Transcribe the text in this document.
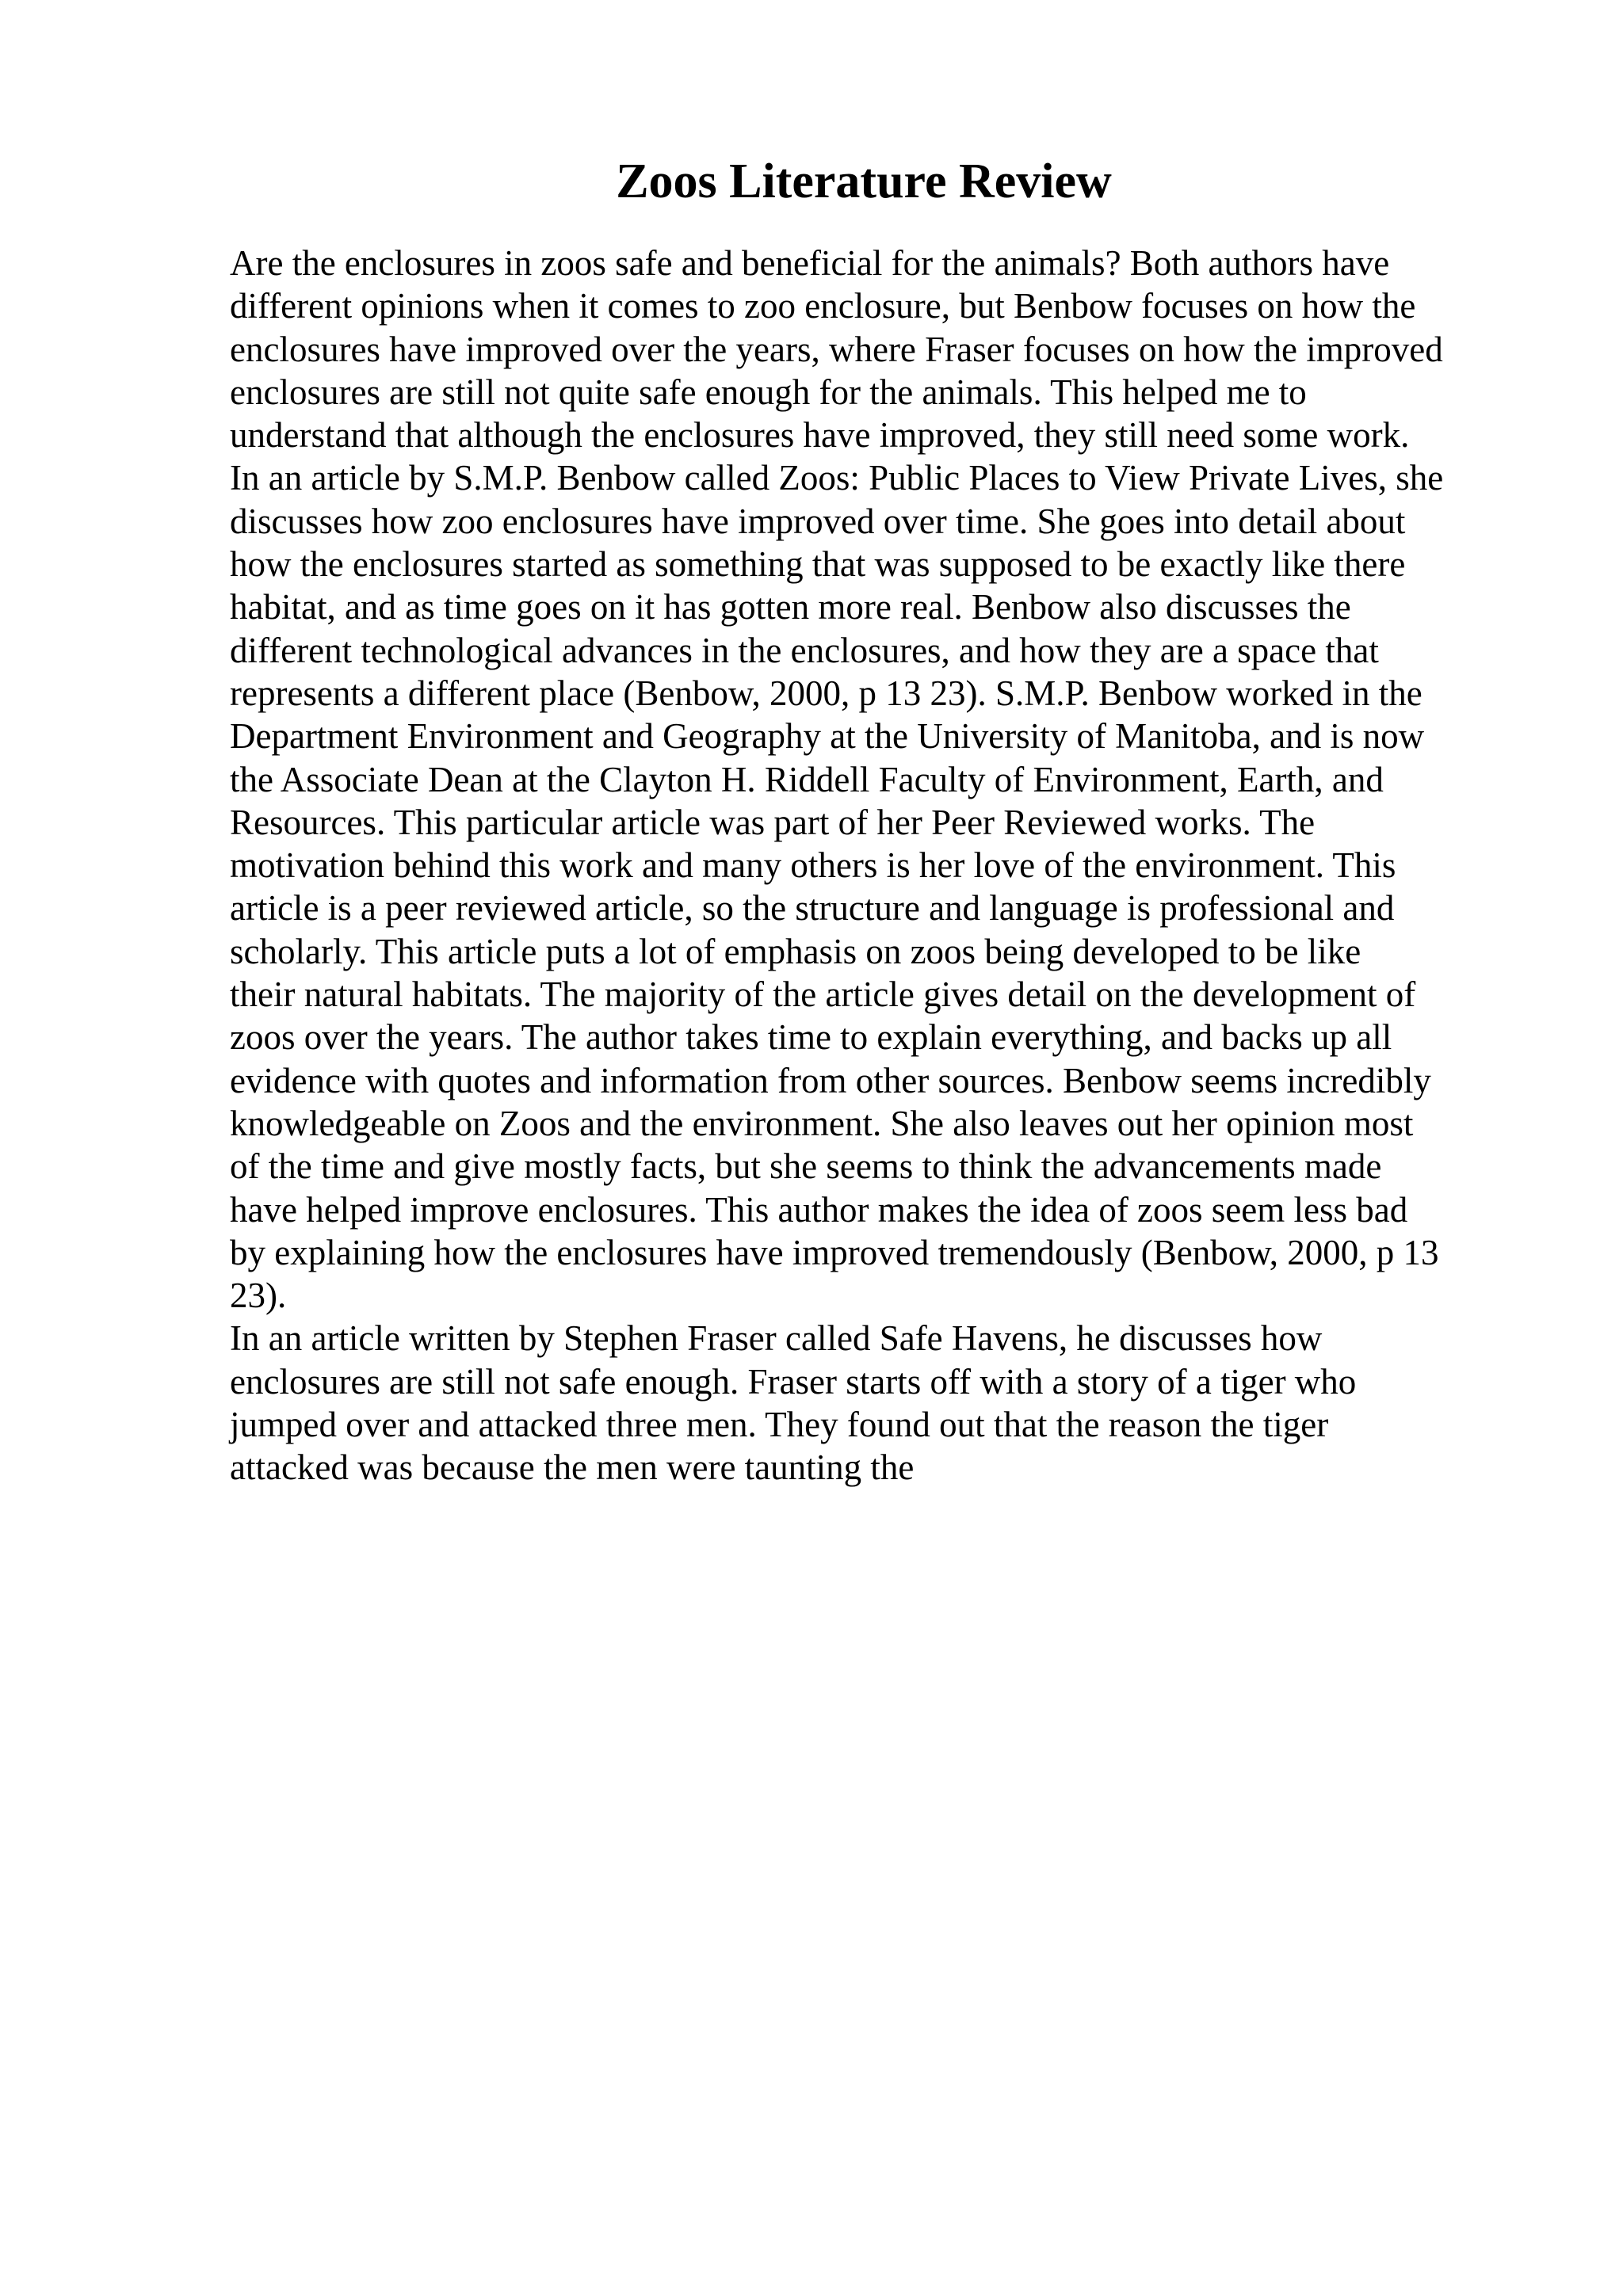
Zoos Literature Review
Are the enclosures in zoos safe and beneficial for the animals? Both authors have
different opinions when it comes to zoo enclosure, but Benbow focuses on how the
enclosures have improved over the years, where Fraser focuses on how the improved
enclosures are still not quite safe enough for the animals. This helped me to
understand that although the enclosures have improved, they still need some work.
In an article by S.M.P. Benbow called Zoos: Public Places to View Private Lives, she
discusses how zoo enclosures have improved over time. She goes into detail about
how the enclosures started as something that was supposed to be exactly like there
habitat, and as time goes on it has gotten more real. Benbow also discusses the
different technological advances in the enclosures, and how they are a space that
represents a different place (Benbow, 2000, p 13 23). S.M.P. Benbow worked in the
Department Environment and Geography at the University of Manitoba, and is now
the Associate Dean at the Clayton H. Riddell Faculty of Environment, Earth, and
Resources. This particular article was part of her Peer Reviewed works. The
motivation behind this work and many others is her love of the environment. This
article is a peer reviewed article, so the structure and language is professional and
scholarly. This article puts a lot of emphasis on zoos being developed to be like
their natural habitats. The majority of the article gives detail on the development of
zoos over the years. The author takes time to explain everything, and backs up all
evidence with quotes and information from other sources. Benbow seems incredibly
knowledgeable on Zoos and the environment. She also leaves out her opinion most
of the time and give mostly facts, but she seems to think the advancements made
have helped improve enclosures. This author makes the idea of zoos seem less bad
by explaining how the enclosures have improved tremendously (Benbow, 2000, p 13
23).
In an article written by Stephen Fraser called Safe Havens, he discusses how
enclosures are still not safe enough. Fraser starts off with a story of a tiger who
jumped over and attacked three men. They found out that the reason the tiger
attacked was because the men were taunting the
